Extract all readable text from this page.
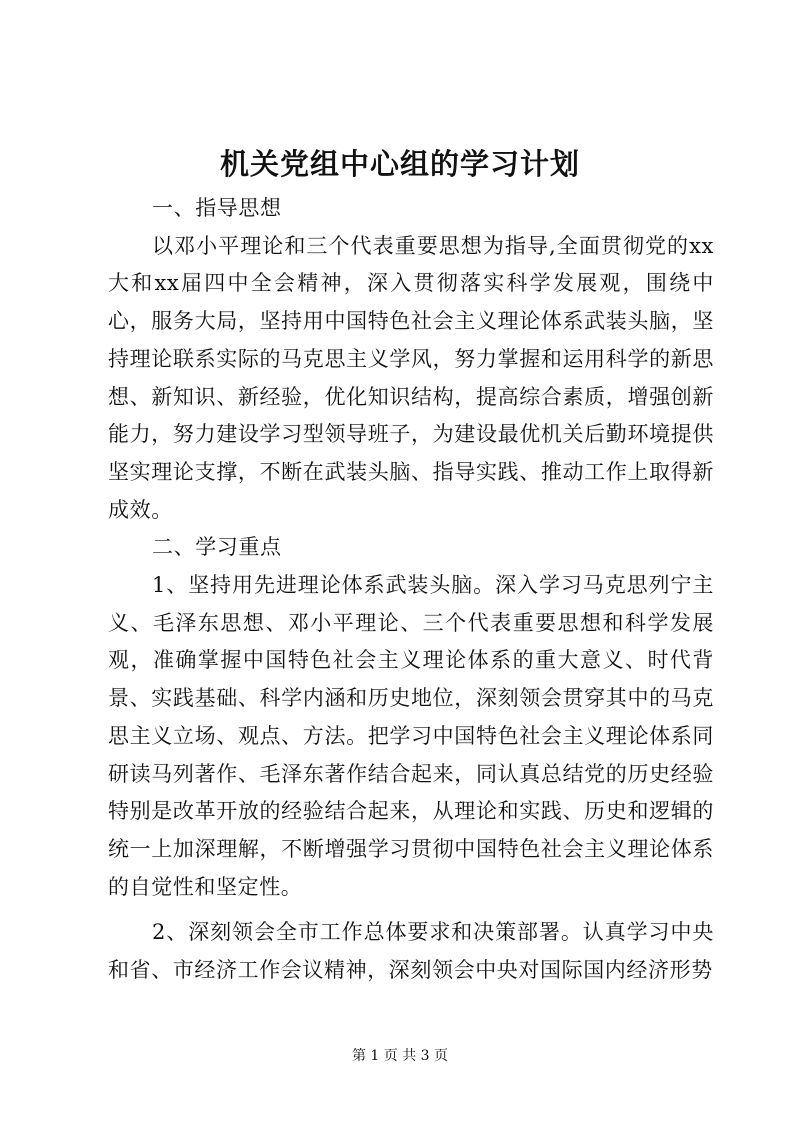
机关党组中心组的学习计划

一、指导思想

以邓小平理论和三个代表重要思想为指导,全面贯彻党的xx大和xx届四中全会精神，深入贯彻落实科学发展观，围绕中心，服务大局，坚持用中国特色社会主义理论体系武装头脑，坚持理论联系实际的马克思主义学风，努力掌握和运用科学的新思想、新知识、新经验，优化知识结构，提高综合素质，增强创新能力，努力建设学习型领导班子，为建设最优机关后勤环境提供坚实理论支撑，不断在武装头脑、指导实践、推动工作上取得新成效。

二、学习重点

1、坚持用先进理论体系武装头脑。深入学习马克思列宁主义、毛泽东思想、邓小平理论、三个代表重要思想和科学发展观，准确掌握中国特色社会主义理论体系的重大意义、时代背景、实践基础、科学内涵和历史地位，深刻领会贯穿其中的马克思主义立场、观点、方法。把学习中国特色社会主义理论体系同研读马列著作、毛泽东著作结合起来，同认真总结党的历史经验特别是改革开放的经验结合起来，从理论和实践、历史和逻辑的统一上加深理解，不断增强学习贯彻中国特色社会主义理论体系的自觉性和坚定性。

2、深刻领会全市工作总体要求和决策部署。认真学习中央和省、市经济工作会议精神，深刻领会中央对国际国内经济形势

第 1 页 共 3 页
